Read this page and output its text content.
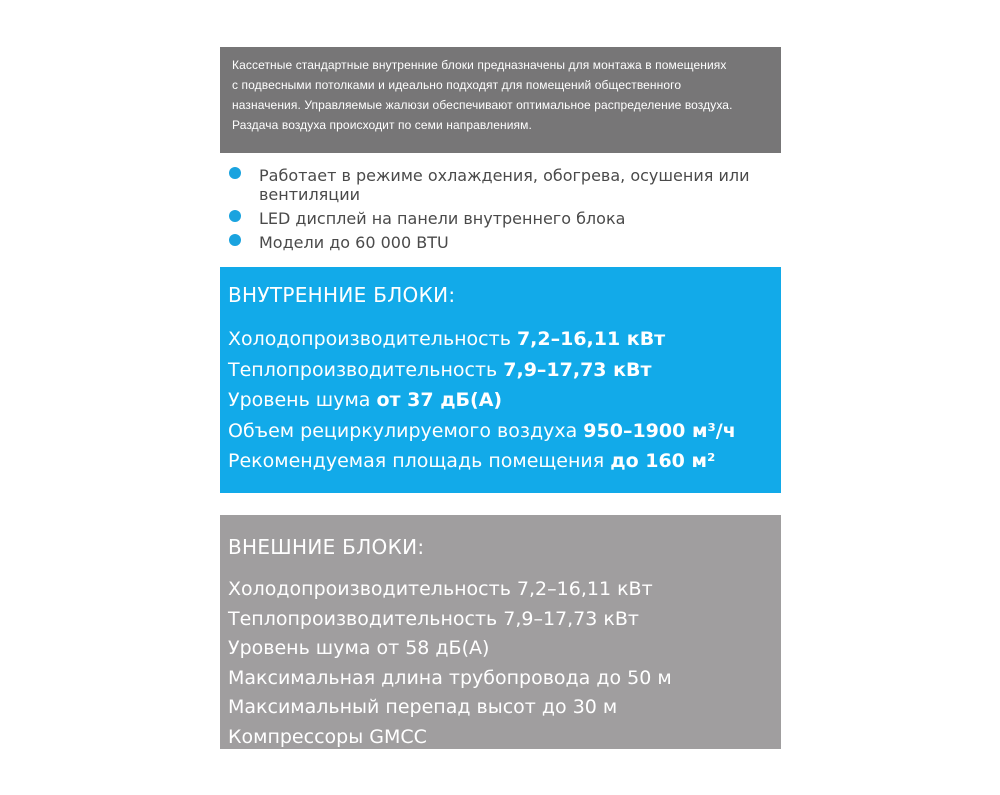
Кассетные стандартные внутренние блоки предназначены для монтажа в помещениях

с подвесными потолками и идеально подходят для помещений общественного

назначения. Управляемые жалюзи обеспечивают оптимальное распределение воздуха.

Раздача воздуха происходит по семи направлениям.

Работает в режиме охлаждения, обогрева, осушения или вентиляции
LED дисплей на панели внутреннего блока
Модели до 60 000 BTU
ВНУТРЕННИЕ БЛОКИ:
Холодопроизводительность 7,2–16,11 кВт
Теплопроизводительность 7,9–17,73 кВт
Уровень шума от 37 дБ(А)
Объем рециркулируемого воздуха 950–1900 м³/ч
Рекомендуемая площадь помещения до 160 м²
ВНЕШНИЕ БЛОКИ:
Холодопроизводительность 7,2–16,11 кВт
Теплопроизводительность 7,9–17,73 кВт
Уровень шума от 58 дБ(А)
Максимальная длина трубопровода до 50 м
Максимальный перепад высот до 30 м
Компрессоры GMCC
